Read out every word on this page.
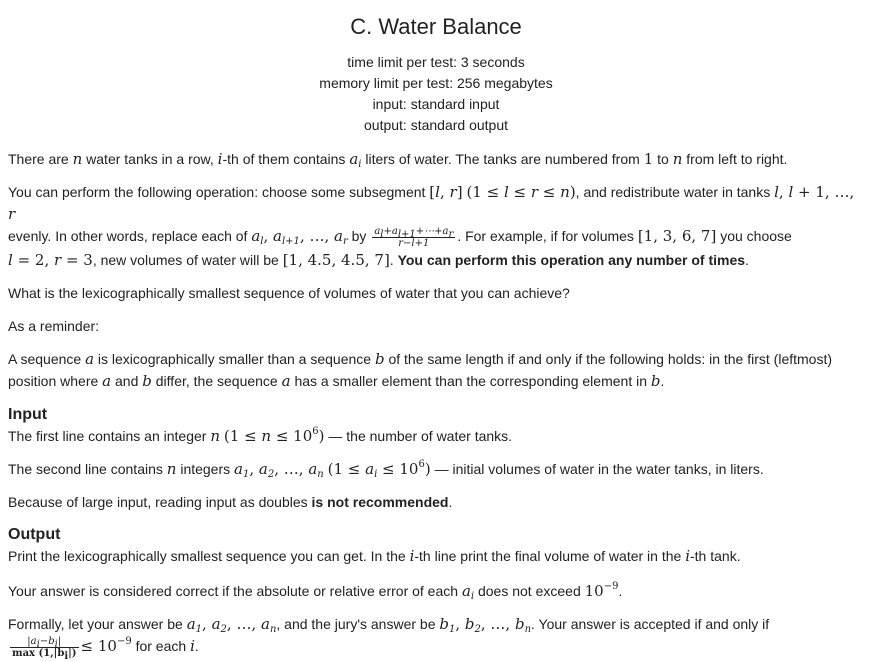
C. Water Balance
time limit per test: 3 seconds
memory limit per test: 256 megabytes
input: standard input
output: standard output
There are n water tanks in a row, i-th of them contains $a_i$ liters of water. The tanks are numbered from 1 to n from left to right.
You can perform the following operation: choose some subsegment [l, r] (1 ≤ l ≤ r ≤ n), and redistribute water in tanks l, l + 1, …, r
evenly. In other words, replace each of $a_l$, $a_{l+1}$, …, $a_r$ by $\frac{a_l+a_{l+1}+\cdots+a_r}{r-l+1}$ . For example, if for volumes [1, 3, 6, 7] you choose
l = 2, r = 3, new volumes of water will be [1, 4.5, 4.5, 7]. You can perform this operation any number of times.
What is the lexicographically smallest sequence of volumes of water that you can achieve?
As a reminder:
A sequence a is lexicographically smaller than a sequence b of the same length if and only if the following holds: in the first (leftmost)
position where a and b differ, the sequence a has a smaller element than the corresponding element in b.
Input
The first line contains an integer n $(1 \le n \le 10^6)$ — the number of water tanks.
The second line contains n integers $a_1$, $a_2$, …, $a_n$ $(1 \le a_i \le 10^6)$ — initial volumes of water in the water tanks, in liters.
Because of large input, reading input as doubles is not recommended.
Output
Print the lexicographically smallest sequence you can get. In the i-th line print the final volume of water in the i-th tank.
Your answer is considered correct if the absolute or relative error of each $a_i$ does not exceed $10^{-9}$.
Formally, let your answer be $a_1$, $a_2$, …, $a_n$, and the jury's answer be $b_1$, $b_2$, …, $b_n$. Your answer is accepted if and only if
$\frac{|a_i-b_i|}{\max (1,|b_i|)} \le 10^{-9}$ for each i.
